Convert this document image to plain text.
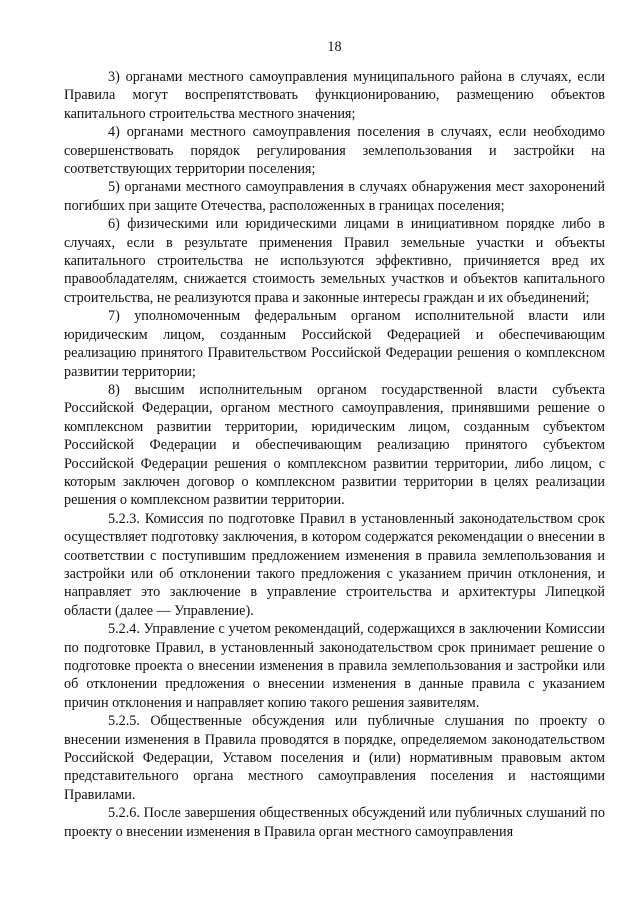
18

3) органами местного самоуправления муниципального района в случаях, если Правила могут воспрепятствовать функционированию, размещению объектов капитального строительства местного значения;

4) органами местного самоуправления поселения в случаях, если необходимо совершенствовать порядок регулирования землепользования и застройки на соответствующих территории поселения;

5) органами местного самоуправления в случаях обнаружения мест захоронений погибших при защите Отечества, расположенных в границах поселения;

6) физическими или юридическими лицами в инициативном порядке либо в случаях, если в результате применения Правил земельные участки и объекты капитального строительства не используются эффективно, причиняется вред их правообладателям, снижается стоимость земельных участков и объектов капитального строительства, не реализуются права и законные интересы граждан и их объединений;

7) уполномоченным федеральным органом исполнительной власти или юридическим лицом, созданным Российской Федерацией и обеспечивающим реализацию принятого Правительством Российской Федерации решения о комплексном развитии территории;

8) высшим исполнительным органом государственной власти субъекта Российской Федерации, органом местного самоуправления, принявшими решение о комплексном развитии территории, юридическим лицом, созданным субъектом Российской Федерации и обеспечивающим реализацию принятого субъектом Российской Федерации решения о комплексном развитии территории, либо лицом, с которым заключен договор о комплексном развитии территории в целях реализации решения о комплексном развитии территории.

5.2.3. Комиссия по подготовке Правил в установленный законодательством срок осуществляет подготовку заключения, в котором содержатся рекомендации о внесении в соответствии с поступившим предложением изменения в правила землепользования и застройки или об отклонении такого предложения с указанием причин отклонения, и направляет это заключение в управление строительства и архитектуры Липецкой области (далее — Управление).

5.2.4. Управление с учетом рекомендаций, содержащихся в заключении Комиссии по подготовке Правил, в установленный законодательством срок принимает решение о подготовке проекта о внесении изменения в правила землепользования и застройки или об отклонении предложения о внесении изменения в данные правила с указанием причин отклонения и направляет копию такого решения заявителям.

5.2.5. Общественные обсуждения или публичные слушания по проекту о внесении изменения в Правила проводятся в порядке, определяемом законодательством Российской Федерации, Уставом поселения и (или) нормативным правовым актом представительного органа местного самоуправления поселения и настоящими Правилами.

5.2.6. После завершения общественных обсуждений или публичных слушаний по проекту о внесении изменения в Правила орган местного самоуправления
